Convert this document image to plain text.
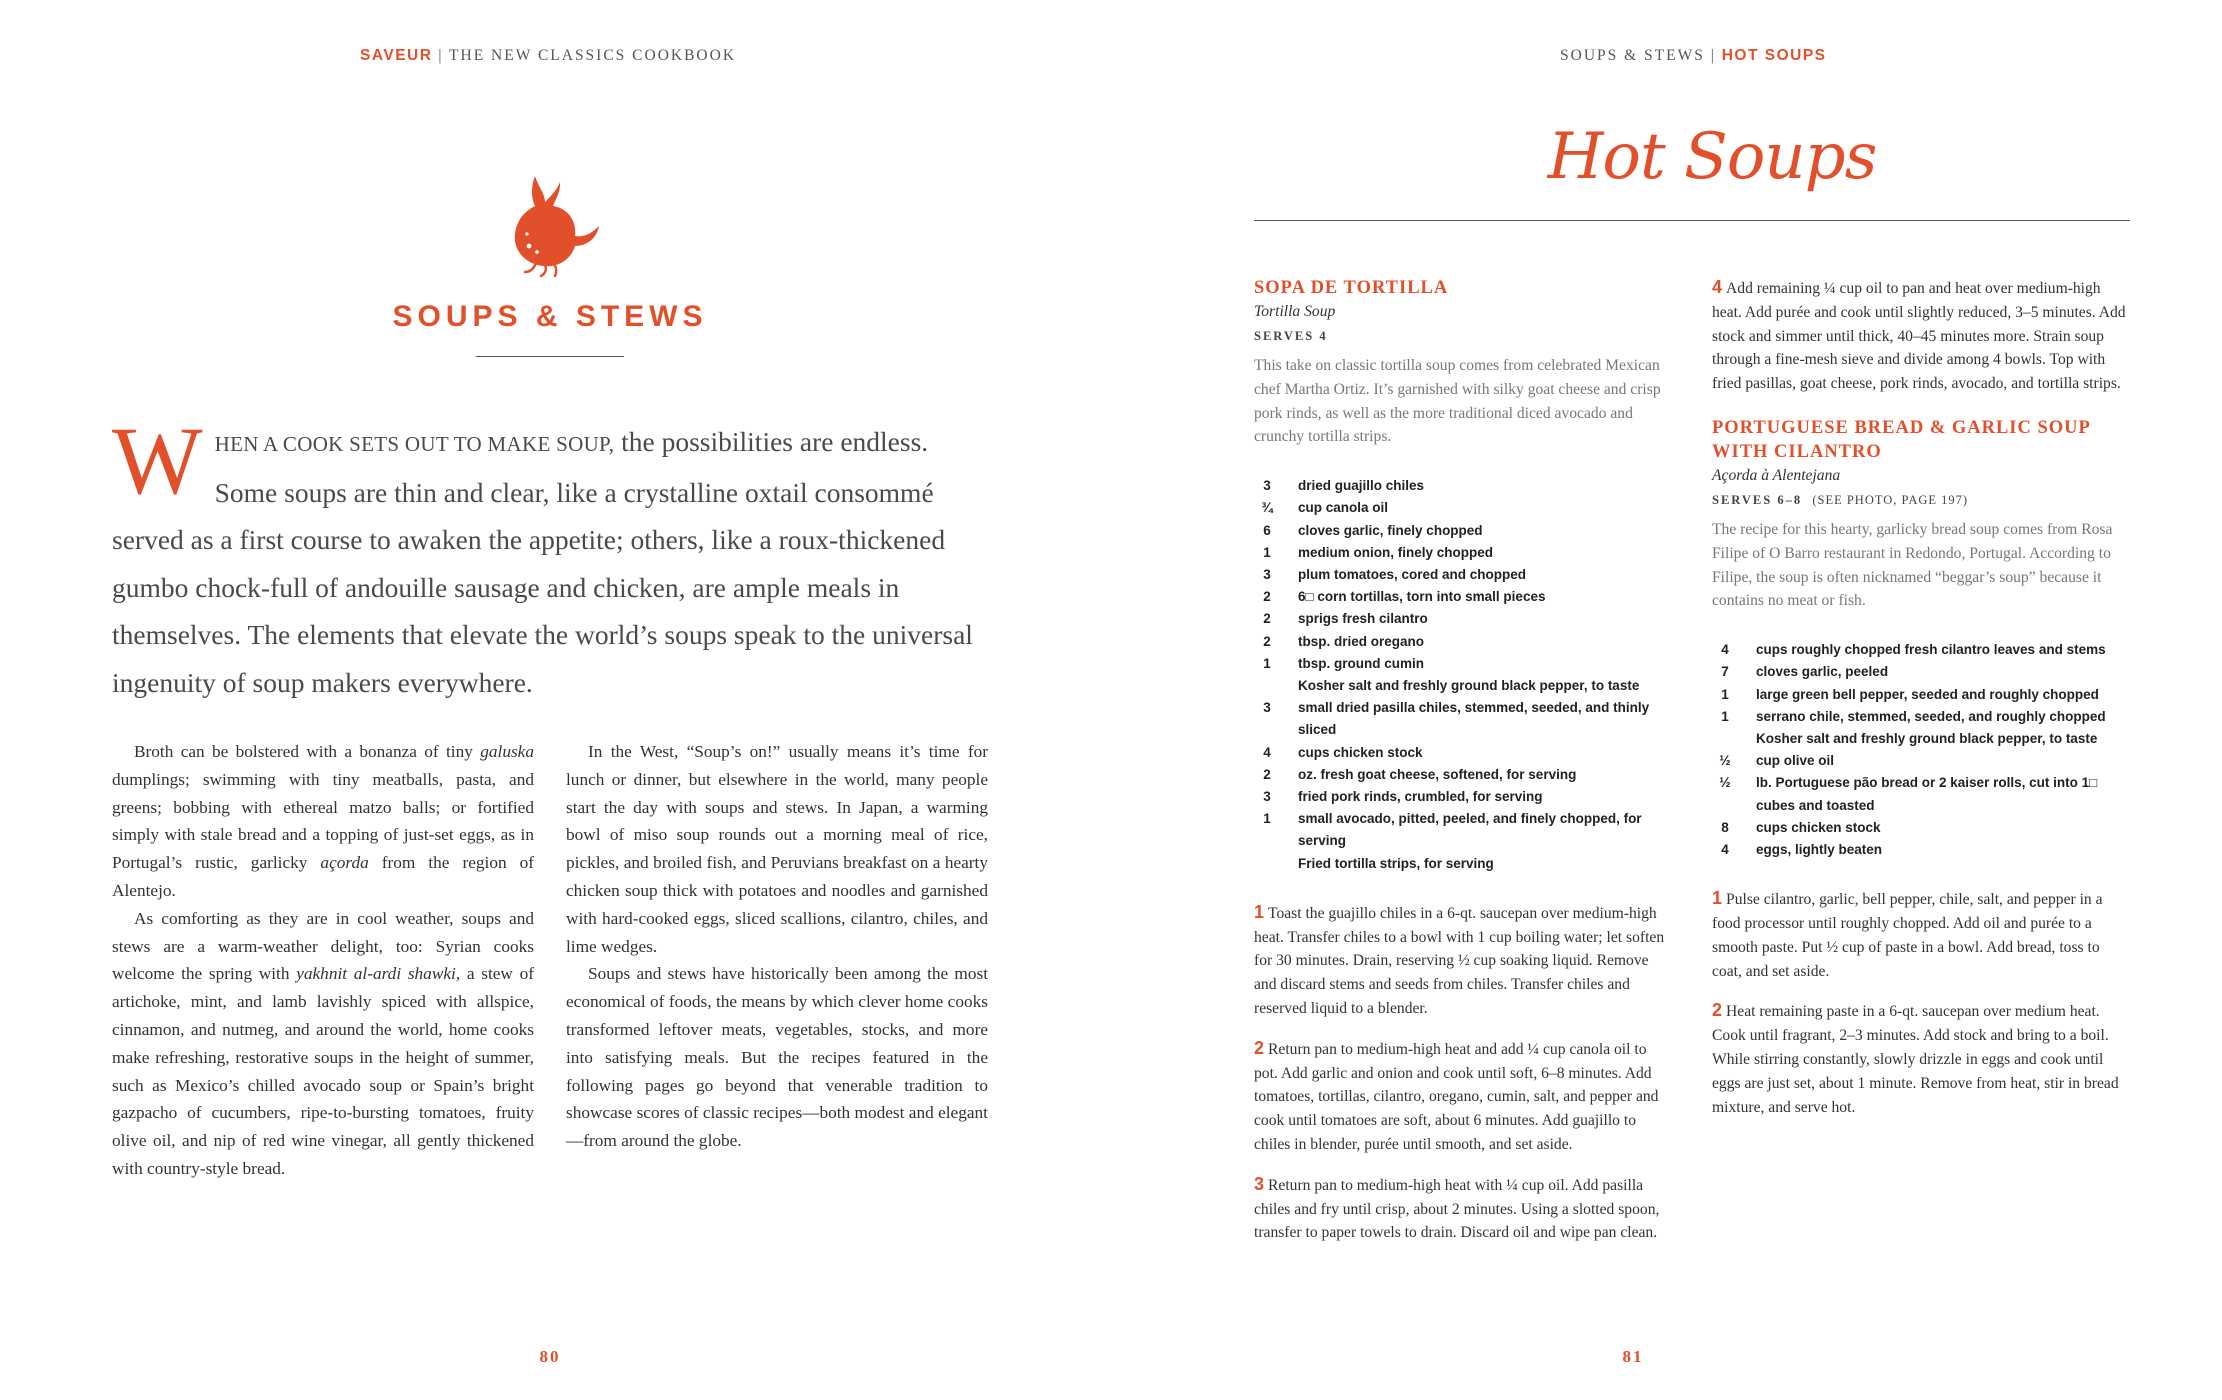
SAVEUR | THE NEW CLASSICS COOKBOOK
SOUPS & STEWS
WHEN A COOK SETS OUT TO MAKE SOUP, the possibilities are endless. Some soups are thin and clear, like a crystalline oxtail consommé served as a first course to awaken the appetite; others, like a roux-thickened gumbo chock-full of andouille sausage and chicken, are ample meals in themselves. The elements that elevate the world’s soups speak to the universal ingenuity of soup makers everywhere.

Broth can be bolstered with a bonanza of tiny galuska dumplings; swimming with tiny meatballs, pasta, and greens; bobbing with ethereal matzo balls; or fortified simply with stale bread and a topping of just-set eggs, as in Portugal’s rustic, garlicky açorda from the region of Alentejo.

As comforting as they are in cool weather, soups and stews are a warm-weather delight, too: Syrian cooks welcome the spring with yakhnit al-ardi shawki, a stew of artichoke, mint, and lamb lavishly spiced with allspice, cinnamon, and nutmeg, and around the world, home cooks make refreshing, restorative soups in the height of summer, such as Mexico’s chilled avocado soup or Spain’s bright gazpacho of cucumbers, ripe-to-bursting tomatoes, fruity olive oil, and nip of red wine vinegar, all gently thickened with country-style bread.

In the West, “Soup’s on!” usually means it’s time for lunch or dinner, but elsewhere in the world, many people start the day with soups and stews. In Japan, a warming bowl of miso soup rounds out a morning meal of rice, pickles, and broiled fish, and Peruvians breakfast on a hearty chicken soup thick with potatoes and noodles and garnished with hard-cooked eggs, sliced scallions, cilantro, chiles, and lime wedges.

Soups and stews have historically been among the most economical of foods, the means by which clever home cooks transformed leftover meats, vegetables, stocks, and more into satisfying meals. But the recipes featured in the following pages go beyond that venerable tradition to showcase scores of classic recipes—both modest and elegant—from around the globe.

80
SOUPS & STEWS | HOT SOUPS
Hot Soups
SOPA DE TORTILLA
Tortilla Soup
SERVES 4
This take on classic tortilla soup comes from celebrated Mexican chef Martha Ortiz. It’s garnished with silky goat cheese and crisp pork rinds, as well as the more traditional diced avocado and crunchy tortilla strips.
3	dried guajillo chiles
¾	cup canola oil
6	cloves garlic, finely chopped
1	medium onion, finely chopped
3	plum tomatoes, cored and chopped
2	6□ corn tortillas, torn into small pieces
2	sprigs fresh cilantro
2	tbsp. dried oregano
1	tbsp. ground cumin
Kosher salt and freshly ground black pepper, to taste
3	small dried pasilla chiles, stemmed, seeded, and thinly sliced
4	cups chicken stock
2	oz. fresh goat cheese, softened, for serving
3	fried pork rinds, crumbled, for serving
1	small avocado, pitted, peeled, and finely chopped, for serving
Fried tortilla strips, for serving

1 Toast the guajillo chiles in a 6-qt. saucepan over medium-high heat. Transfer chiles to a bowl with 1 cup boiling water; let soften for 30 minutes. Drain, reserving ½ cup soaking liquid. Remove and discard stems and seeds from chiles. Transfer chiles and reserved liquid to a blender.

2 Return pan to medium-high heat and add ¼ cup canola oil to pot. Add garlic and onion and cook until soft, 6–8 minutes. Add tomatoes, tortillas, cilantro, oregano, cumin, salt, and pepper and cook until tomatoes are soft, about 6 minutes. Add guajillo to chiles in blender, purée until smooth, and set aside.

3 Return pan to medium-high heat with ¼ cup oil. Add pasilla chiles and fry until crisp, about 2 minutes. Using a slotted spoon, transfer to paper towels to drain. Discard oil and wipe pan clean.

4 Add remaining ¼ cup oil to pan and heat over medium-high heat. Add purée and cook until slightly reduced, 3–5 minutes. Add stock and simmer until thick, 40–45 minutes more. Strain soup through a fine-mesh sieve and divide among 4 bowls. Top with fried pasillas, goat cheese, pork rinds, avocado, and tortilla strips.

PORTUGUESE BREAD & GARLIC SOUP WITH CILANTRO
Açorda à Alentejana
SERVES 6–8 (SEE PHOTO, PAGE 197)
The recipe for this hearty, garlicky bread soup comes from Rosa Filipe of O Barro restaurant in Redondo, Portugal. According to Filipe, the soup is often nicknamed “beggar’s soup” because it contains no meat or fish.
4	cups roughly chopped fresh cilantro leaves and stems
7	cloves garlic, peeled
1	large green bell pepper, seeded and roughly chopped
1	serrano chile, stemmed, seeded, and roughly chopped
Kosher salt and freshly ground black pepper, to taste
½	cup olive oil
½	lb. Portuguese pão bread or 2 kaiser rolls, cut into 1□ cubes and toasted
8	cups chicken stock
4	eggs, lightly beaten

1 Pulse cilantro, garlic, bell pepper, chile, salt, and pepper in a food processor until roughly chopped. Add oil and purée to a smooth paste. Put ½ cup of paste in a bowl. Add bread, toss to coat, and set aside.

2 Heat remaining paste in a 6-qt. saucepan over medium heat. Cook until fragrant, 2–3 minutes. Add stock and bring to a boil. While stirring constantly, slowly drizzle in eggs and cook until eggs are just set, about 1 minute. Remove from heat, stir in bread mixture, and serve hot.

81
